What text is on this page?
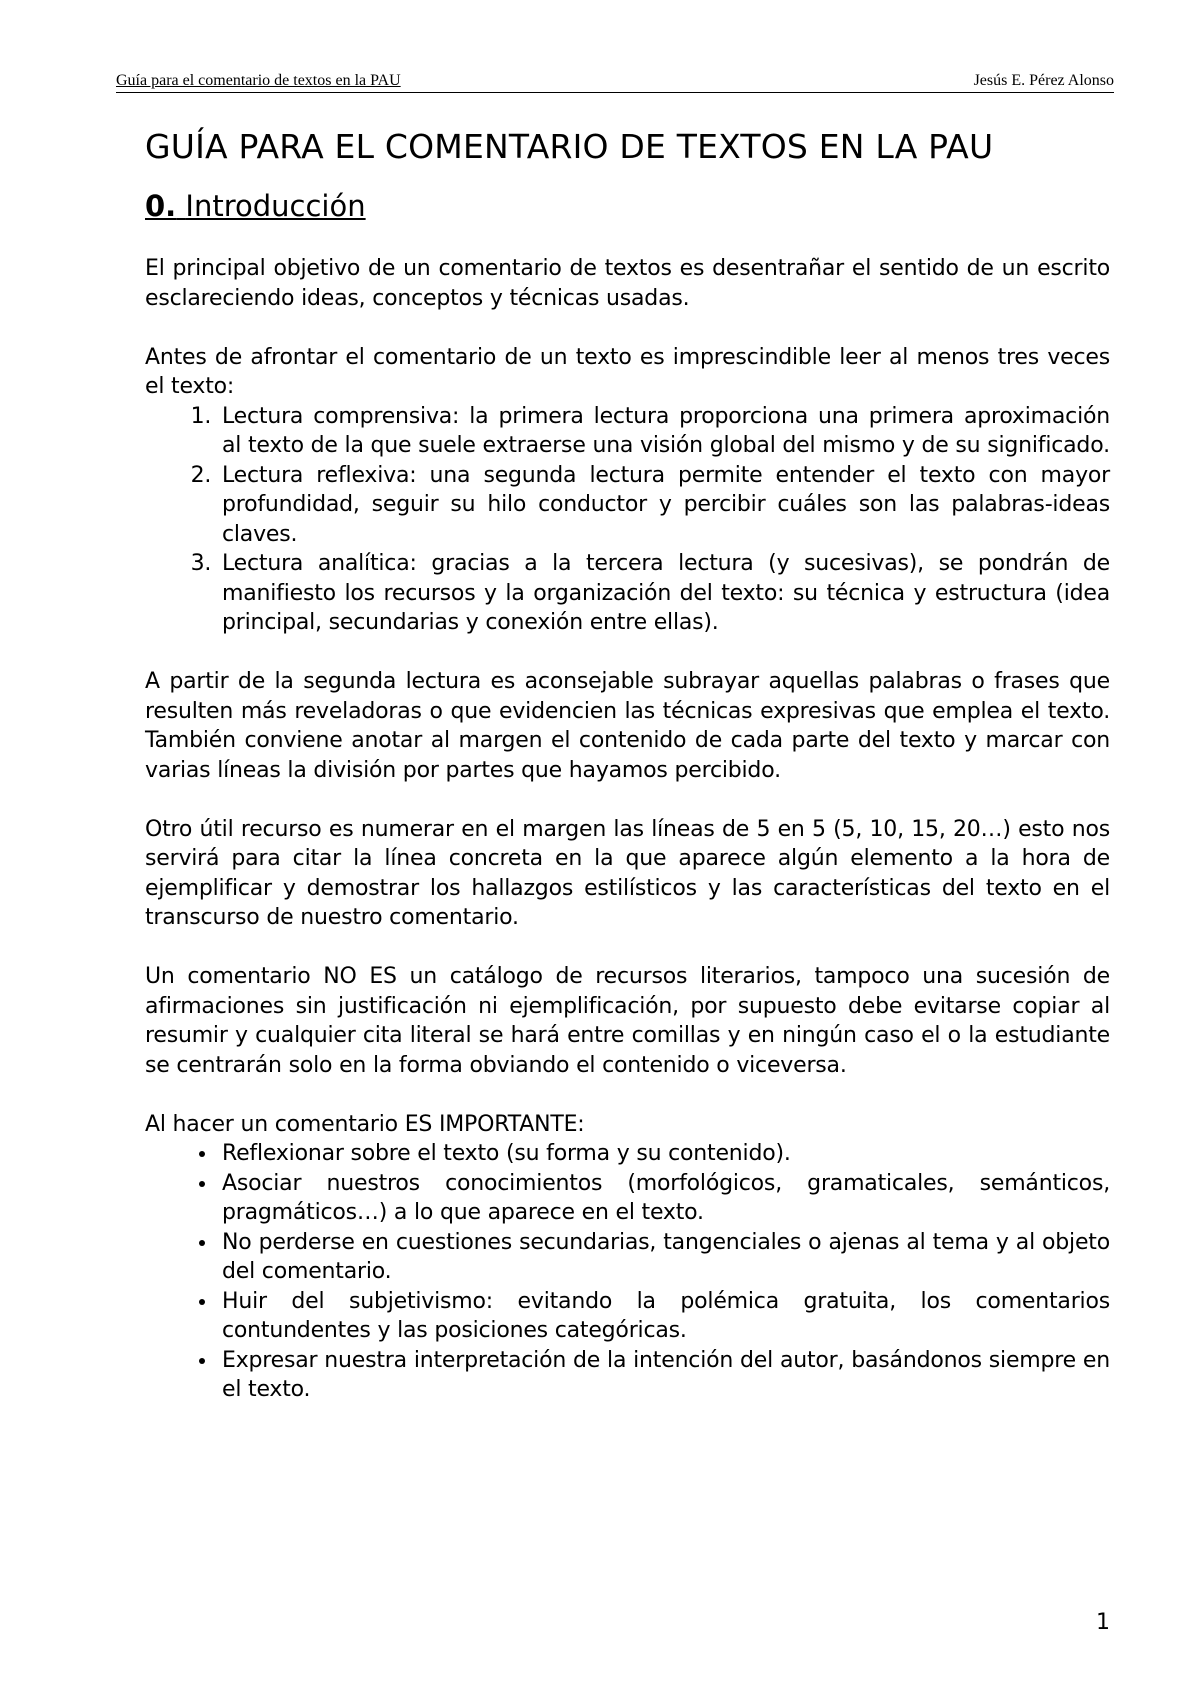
Guía para el comentario de textos en la PAU	Jesús E. Pérez Alonso
GUÍA PARA EL COMENTARIO DE TEXTOS EN LA PAU
0. Introducción

El principal objetivo de un comentario de textos es desentrañar el sentido de un escrito esclareciendo ideas, conceptos y técnicas usadas.

Antes de afrontar el comentario de un texto es imprescindible leer al menos tres veces el texto:

1. Lectura comprensiva: la primera lectura proporciona una primera aproximación al texto de la que suele extraerse una visión global del mismo y de su significado.
2. Lectura reflexiva: una segunda lectura permite entender el texto con mayor profundidad, seguir su hilo conductor y percibir cuáles son las palabras-ideas claves.
3. Lectura analítica: gracias a la tercera lectura (y sucesivas), se pondrán de manifiesto los recursos y la organización del texto: su técnica y estructura (idea principal, secundarias y conexión entre ellas).

A partir de la segunda lectura es aconsejable subrayar aquellas palabras o frases que resulten más reveladoras o que evidencien las técnicas expresivas que emplea el texto. También conviene anotar al margen el contenido de cada parte del texto y marcar con varias líneas la división por partes que hayamos percibido.

Otro útil recurso es numerar en el margen las líneas de 5 en 5 (5, 10, 15, 20…) esto nos servirá para citar la línea concreta en la que aparece algún elemento a la hora de ejemplificar y demostrar los hallazgos estilísticos y las características del texto en el transcurso de nuestro comentario.

Un comentario NO ES un catálogo de recursos literarios, tampoco una sucesión de afirmaciones sin justificación ni ejemplificación, por supuesto debe evitarse copiar al resumir y cualquier cita literal se hará entre comillas y en ningún caso el o la estudiante se centrarán solo en la forma obviando el contenido o viceversa.

Al hacer un comentario ES IMPORTANTE:

• Reflexionar sobre el texto (su forma y su contenido).
• Asociar nuestros conocimientos (morfológicos, gramaticales, semánticos, pragmáticos…) a lo que aparece en el texto.
• No perderse en cuestiones secundarias, tangenciales o ajenas al tema y al objeto del comentario.
• Huir del subjetivismo: evitando la polémica gratuita, los comentarios contundentes y las posiciones categóricas.
• Expresar nuestra interpretación de la intención del autor, basándonos siempre en el texto.
1
